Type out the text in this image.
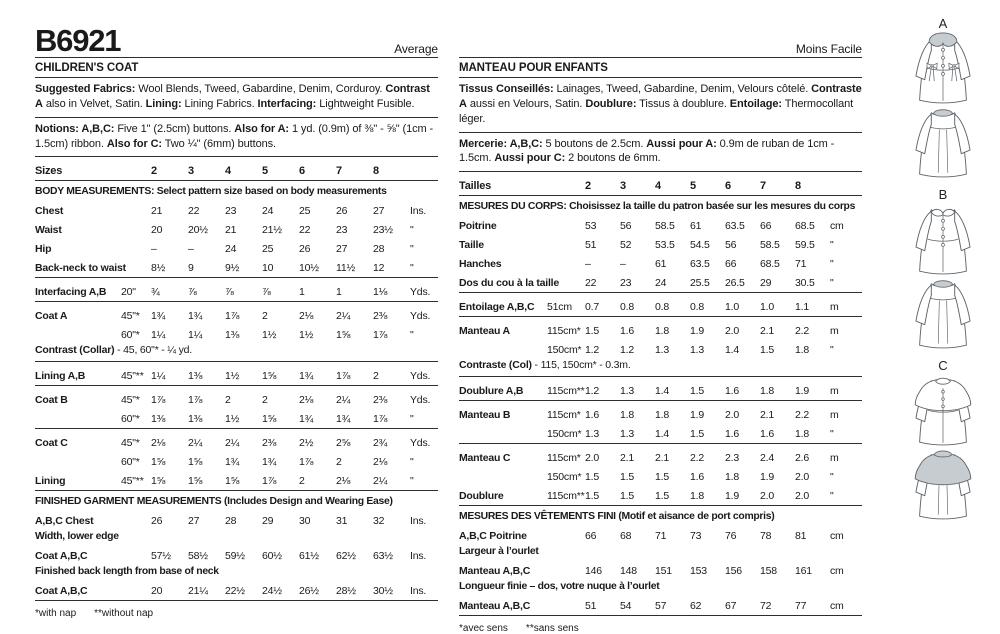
B6921	Average
CHILDREN'S COAT

Suggested Fabrics: Wool Blends, Tweed, Gabardine, Denim, Corduroy. Contrast A also in Velvet, Satin. Lining: Lining Fabrics. Interfacing: Lightweight Fusible.

Notions: A,B,C: Five 1" (2.5cm) buttons. Also for A: 1 yd. (0.9m) of ⅜" - ⅝" (1cm - 1.5cm) ribbon. Also for C: Two ¼" (6mm) buttons.

Sizes	2	3	4	5	6	7	8
BODY MEASUREMENTS: Select pattern size based on body measurements
Chest	21	22	23	24	25	26	27	Ins.
Waist	20	20½	21	21½	22	23	23½	"
Hip	–	–	24	25	26	27	28	"
Back-neck to waist	8½	9	9½	10	10½	11½	12	"
Interfacing A,B	20"	¾	⅞	⅞	⅞	1	1	1⅛	Yds.
Coat A	45"*	1¾	1¾	1⅞	2	2⅛	2¼	2⅜	Yds.
60"*	1¼	1¼	1⅜	1½	1½	1⅝	1⅞	"
Contrast (Collar) - 45, 60"* - ¼ yd.
Lining A,B	45"** 1¼	1⅜	1½	1⅝	1¾	1⅞	2	Yds.
Coat B	45"*	1⅞	1⅞	2	2	2⅛	2¼	2⅜	Yds.
60"*	1⅜	1⅜	1½	1⅝	1¾	1¾	1⅞	"
Coat C	45"*	2⅛	2¼	2¼	2⅜	2½	2⅝	2¾	Yds.
60"*	1⅝	1⅝	1¾	1¾	1⅞	2	2⅛	"
Lining	45"** 1⅝	1⅝	1⅝	1⅞	2	2⅛	2¼	"
FINISHED GARMENT MEASUREMENTS (Includes Design and Wearing Ease)
A,B,C Chest	26	27	28	29	30	31	32	Ins.
Width, lower edge
Coat A,B,C	57½	58½	59½	60½	61½	62½	63½	Ins.
Finished back length from base of neck
Coat A,B,C	20	21¼	22½	24½	26½	28½	30½	Ins.
*with nap **without nap
Moins Facile
MANTEAU POUR ENFANTS

Tissus Conseillés: Lainages, Tweed, Gabardine, Denim, Velours côtelé. Contraste A aussi en Velours, Satin. Doublure: Tissus à doublure. Entoilage: Thermocollant léger.

Mercerie: A,B,C: 5 boutons de 2.5cm. Aussi pour A: 0.9m de ruban de 1cm - 1.5cm. Aussi pour C: 2 boutons de 6mm.

Tailles	2	3	4	5	6	7	8
MESURES DU CORPS: Choisissez la taille du patron basée sur les mesures du corps
Poitrine	53	56	58.5	61	63.5	66	68.5	cm
Taille	51	52	53.5	54.5	56	58.5	59.5	"
Hanches	–	–	61	63.5	66	68.5	71	"
Dos du cou à la taille	22	23	24	25.5	26.5	29	30.5	"
Entoilage A,B,C	51cm	0.7	0.8	0.8	0.8	1.0	1.0	1.1	m
Manteau A	115cm* 1.5	1.6	1.8	1.9	2.0	2.1	2.2	m
150cm* 1.2	1.2	1.3	1.3	1.4	1.5	1.8	"
Contraste (Col) - 115, 150cm* - 0.3m.
Doublure A,B	115cm** 1.2	1.3	1.4	1.5	1.6	1.8	1.9	m
Manteau B	115cm* 1.6	1.8	1.8	1.9	2.0	2.1	2.2	m
150cm* 1.3	1.3	1.4	1.5	1.6	1.6	1.8	"
Manteau C	115cm* 2.0	2.1	2.1	2.2	2.3	2.4	2.6	m
150cm* 1.5	1.5	1.5	1.6	1.8	1.9	2.0	"
Doublure	115cm** 1.5	1.5	1.5	1.8	1.9	2.0	2.0	"
MESURES DES VÊTEMENTS FINI (Motif et aisance de port compris)
A,B,C Poitrine	66	68	71	73	76	78	81	cm
Largeur à l’ourlet
Manteau A,B,C	146	148	151	153	156	158	161	cm
Longueur finie – dos, votre nuque à l’ourlet
Manteau A,B,C	51	54	57	62	67	72	77	cm
*avec sens **sans sens
A
B
C
